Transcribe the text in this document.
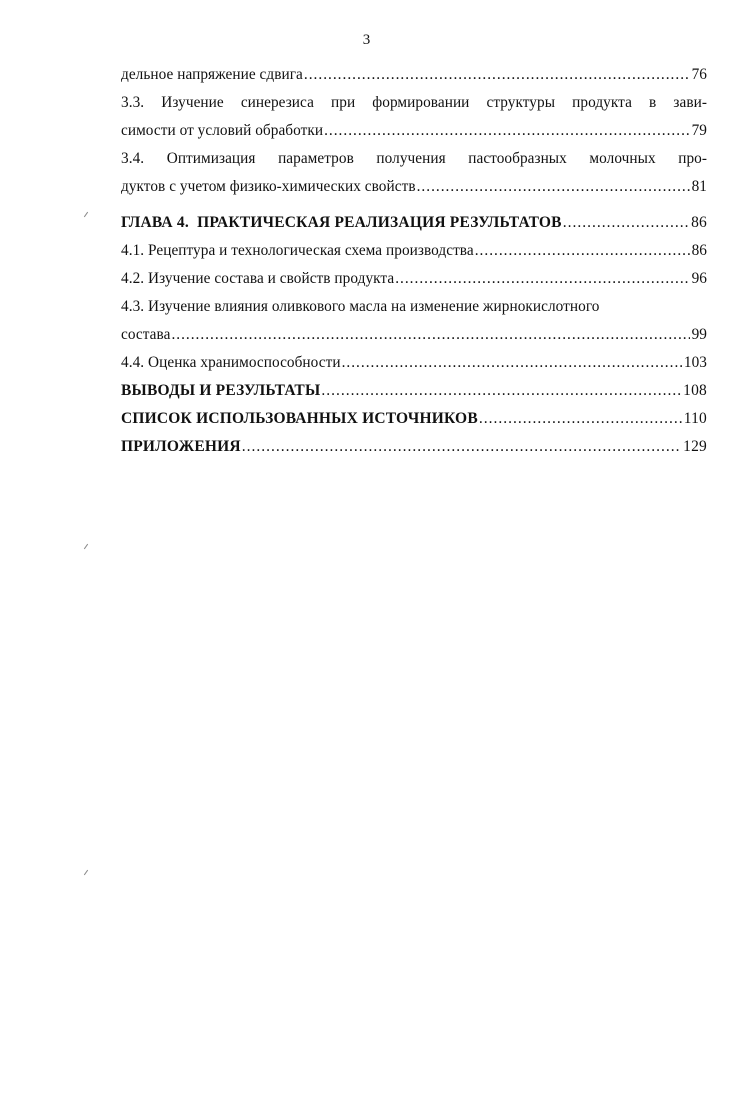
3
дельное напряжение сдвига .....	76
3.3. Изучение синерезиса при формировании структуры продукта в зави-
симости от условий обработки .....	79
3.4. Оптимизация параметров получения пастообразных молочных про-
дуктов с учетом физико-химических свойств .....	81
ГЛАВА 4.  ПРАКТИЧЕСКАЯ РЕАЛИЗАЦИЯ РЕЗУЛЬТАТОВ .....	86
4.1. Рецептура и технологическая схема производства .....	86
4.2. Изучение состава и свойств продукта .....	96
4.3. Изучение влияния оливкового масла на изменение жирнокислотного
состава .....	99
4.4. Оценка хранимоспособности .....	103
ВЫВОДЫ И РЕЗУЛЬТАТЫ .....	108
СПИСОК ИСПОЛЬЗОВАННЫХ ИСТОЧНИКОВ .....	110
ПРИЛОЖЕНИЯ .....	129
